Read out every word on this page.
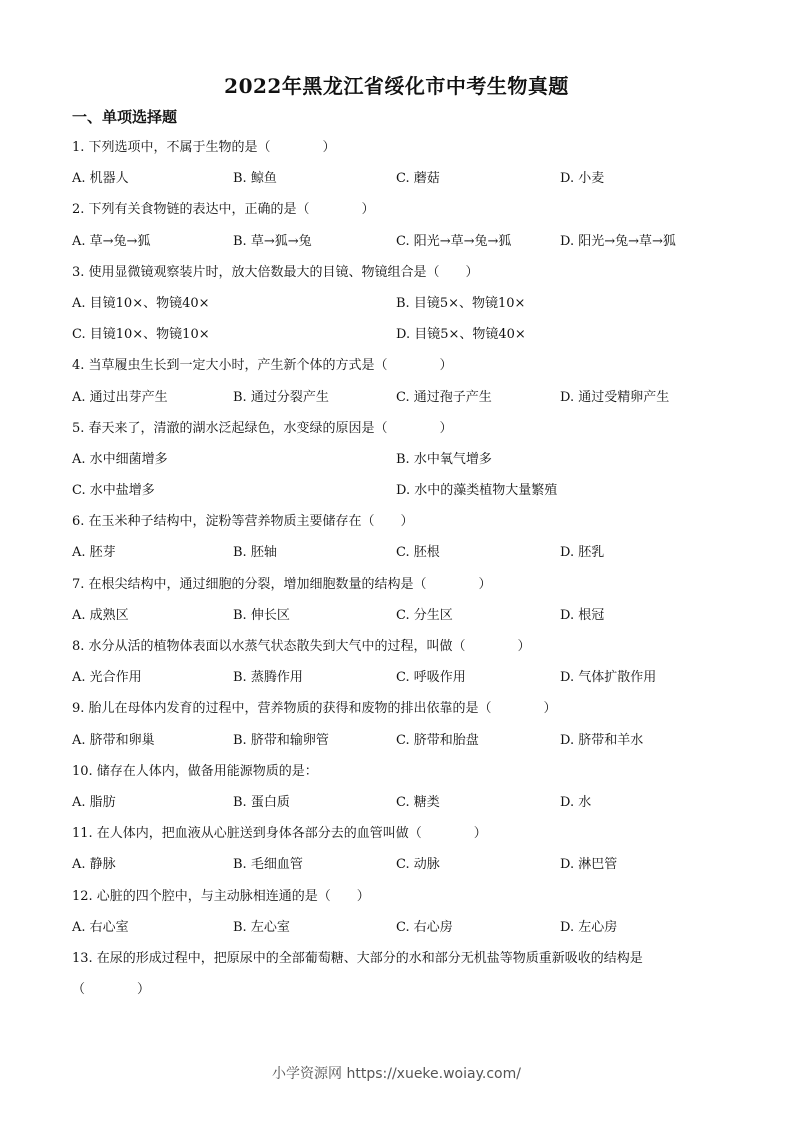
2022年黑龙江省绥化市中考生物真题
一、单项选择题
1. 下列选项中，不属于生物的是（　　　　）
A. 机器人	B. 鲸鱼	C. 蘑菇	D. 小麦
2. 下列有关食物链的表达中，正确的是（　　　　）
A. 草→兔→狐	B. 草→狐→兔	C. 阳光→草→兔→狐	D. 阳光→兔→草→狐
3. 使用显微镜观察装片时，放大倍数最大的目镜、物镜组合是（　　）
A. 目镜10×、物镜40×	B. 目镜5×、物镜10×
C. 目镜10×、物镜10×	D. 目镜5×、物镜40×
4. 当草履虫生长到一定大小时，产生新个体的方式是（　　　　）
A. 通过出芽产生	B. 通过分裂产生	C. 通过孢子产生	D. 通过受精卵产生
5. 春天来了，清澈的湖水泛起绿色，水变绿的原因是（　　　　）
A. 水中细菌增多	B. 水中氧气增多
C. 水中盐增多	D. 水中的藻类植物大量繁殖
6. 在玉米种子结构中，淀粉等营养物质主要储存在（　　）
A. 胚芽	B. 胚轴	C. 胚根	D. 胚乳
7. 在根尖结构中，通过细胞的分裂，增加细胞数量的结构是（　　　　）
A. 成熟区	B. 伸长区	C. 分生区	D. 根冠
8. 水分从活的植物体表面以水蒸气状态散失到大气中的过程，叫做（　　　　）
A. 光合作用	B. 蒸腾作用	C. 呼吸作用	D. 气体扩散作用
9. 胎儿在母体内发育的过程中，营养物质的获得和废物的排出依靠的是（　　　　）
A. 脐带和卵巢	B. 脐带和输卵管	C. 脐带和胎盘	D. 脐带和羊水
10. 储存在人体内，做备用能源物质的是：
A. 脂肪	B. 蛋白质	C. 糖类	D. 水
11. 在人体内，把血液从心脏送到身体各部分去的血管叫做（　　　　）
A. 静脉	B. 毛细血管	C. 动脉	D. 淋巴管
12. 心脏的四个腔中，与主动脉相连通的是（　　）
A. 右心室	B. 左心室	C. 右心房	D. 左心房
13. 在尿的形成过程中，把原尿中的全部葡萄糖、大部分的水和部分无机盐等物质重新吸收的结构是
（　　　　）
小学资源网 https://xueke.woiay.com/
